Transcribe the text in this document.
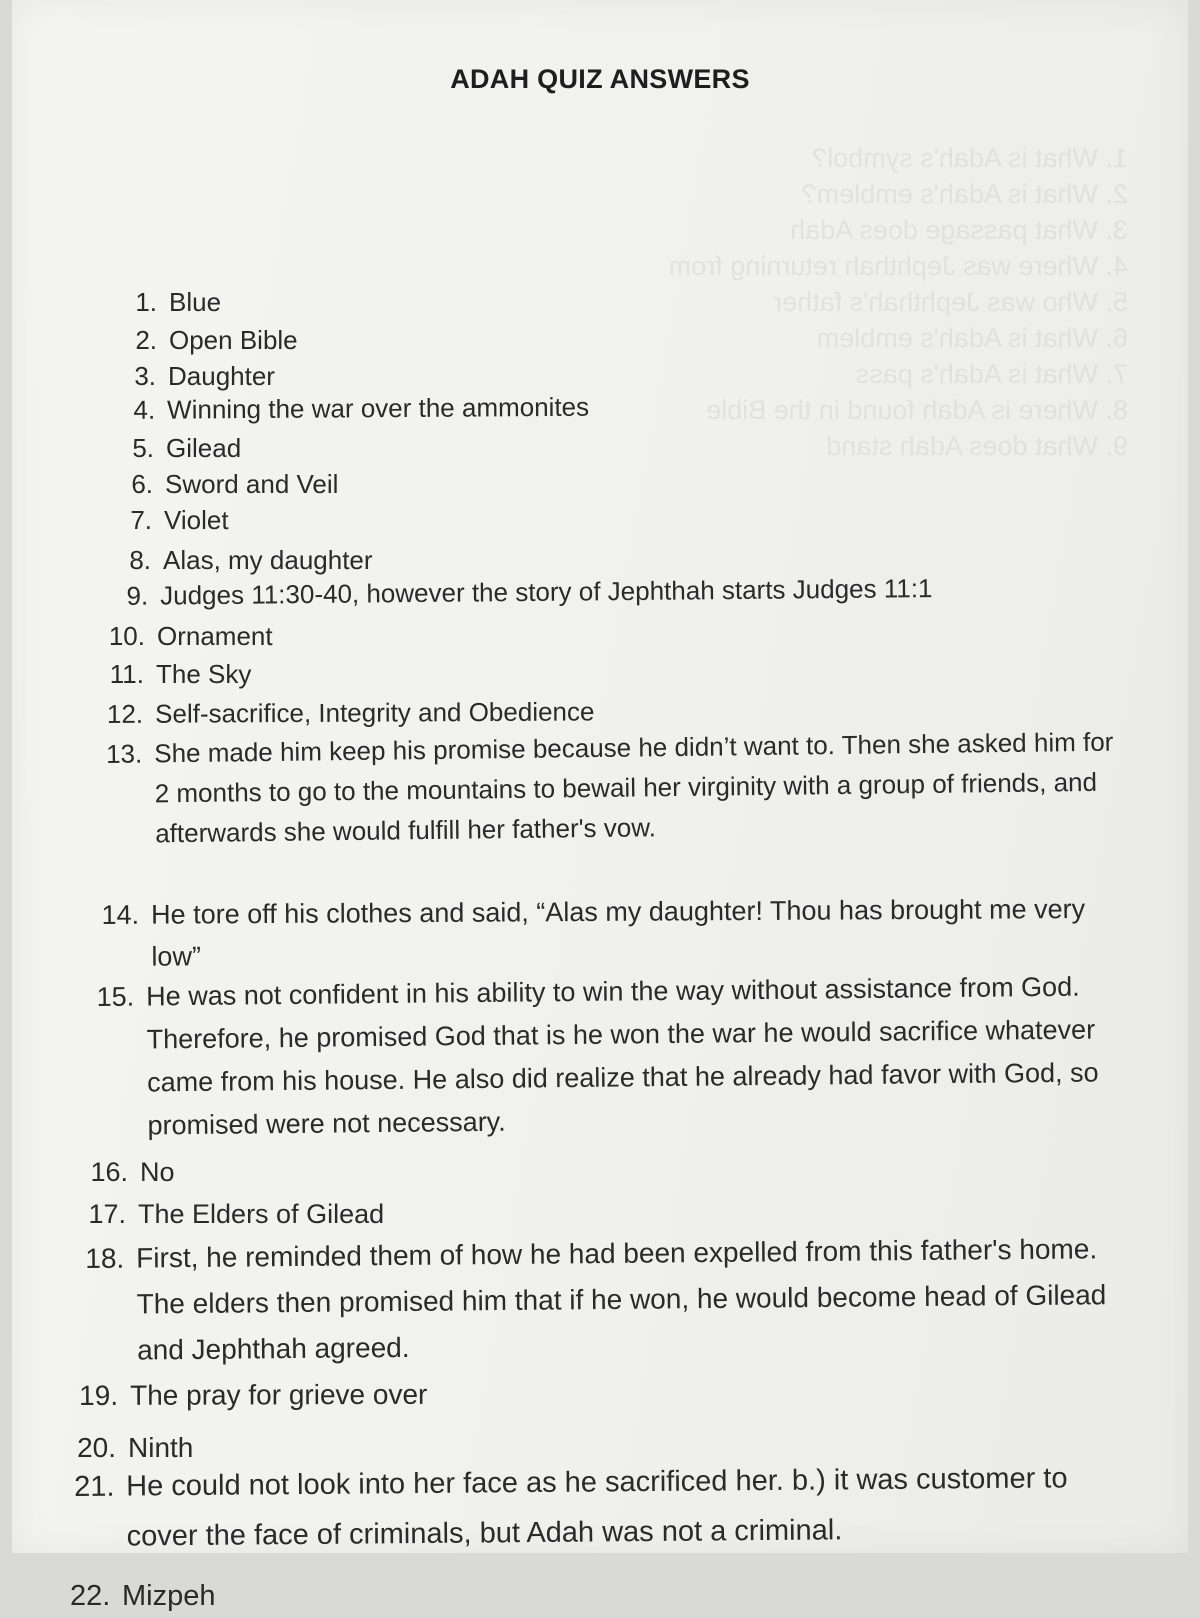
1. What is Adah's symbol?
2. What is Adah's emblem?
3. What passage does Adah
4. Where was Jephthah returning from
5. Who was Jephthah's father
6. What is Adah's emblem
7. What is Adah's pass
8. Where is Adah found in the Bible
9. What does Adah stand
ADAH QUIZ ANSWERS
1. Blue
2. Open Bible
3. Daughter
4. Winning the war over the ammonites
5. Gilead
6. Sword and Veil
7. Violet
8. Alas, my daughter
9. Judges 11:30-40, however the story of Jephthah starts Judges 11:1
10. Ornament
11. The Sky
12. Self-sacrifice, Integrity and Obedience
13. She made him keep his promise because he didn’t want to. Then she asked him for 2 months to go to the mountains to bewail her virginity with a group of friends, and afterwards she would fulfill her father's vow.
14. He tore off his clothes and said, “Alas my daughter! Thou has brought me very low”
15. He was not confident in his ability to win the way without assistance from God. Therefore, he promised God that is he won the war he would sacrifice whatever came from his house. He also did realize that he already had favor with God, so promised were not necessary.
16. No
17. The Elders of Gilead
18. First, he reminded them of how he had been expelled from this father's home. The elders then promised him that if he won, he would become head of Gilead and Jephthah agreed.
19. The pray for grieve over
20. Ninth
21. He could not look into her face as he sacrificed her. b.) it was customer to cover the face of criminals, but Adah was not a criminal.
22. Mizpeh
